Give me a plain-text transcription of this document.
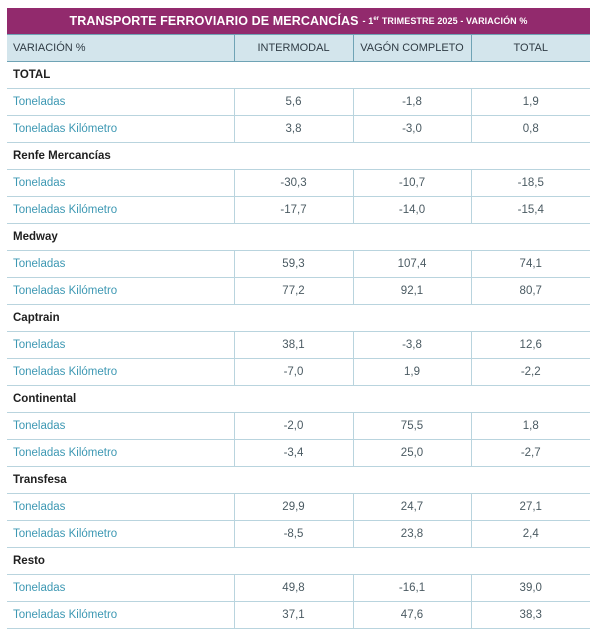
TRANSPORTE FERROVIARIO DE MERCANCÍAS - 1er TRIMESTRE 2025 - VARIACIÓN %
VARIACIÓN %	INTERMODAL	VAGÓN COMPLETO	TOTAL
TOTAL			
Toneladas	5,6	-1,8	1,9
Toneladas Kilómetro	3,8	-3,0	0,8
Renfe Mercancías			
Toneladas	-30,3	-10,7	-18,5
Toneladas Kilómetro	-17,7	-14,0	-15,4
Medway			
Toneladas	59,3	107,4	74,1
Toneladas Kilómetro	77,2	92,1	80,7
Captrain			
Toneladas	38,1	-3,8	12,6
Toneladas Kilómetro	-7,0	1,9	-2,2
Continental			
Toneladas	-2,0	75,5	1,8
Toneladas Kilómetro	-3,4	25,0	-2,7
Transfesa			
Toneladas	29,9	24,7	27,1
Toneladas Kilómetro	-8,5	23,8	2,4
Resto			
Toneladas	49,8	-16,1	39,0
Toneladas Kilómetro	37,1	47,6	38,3
